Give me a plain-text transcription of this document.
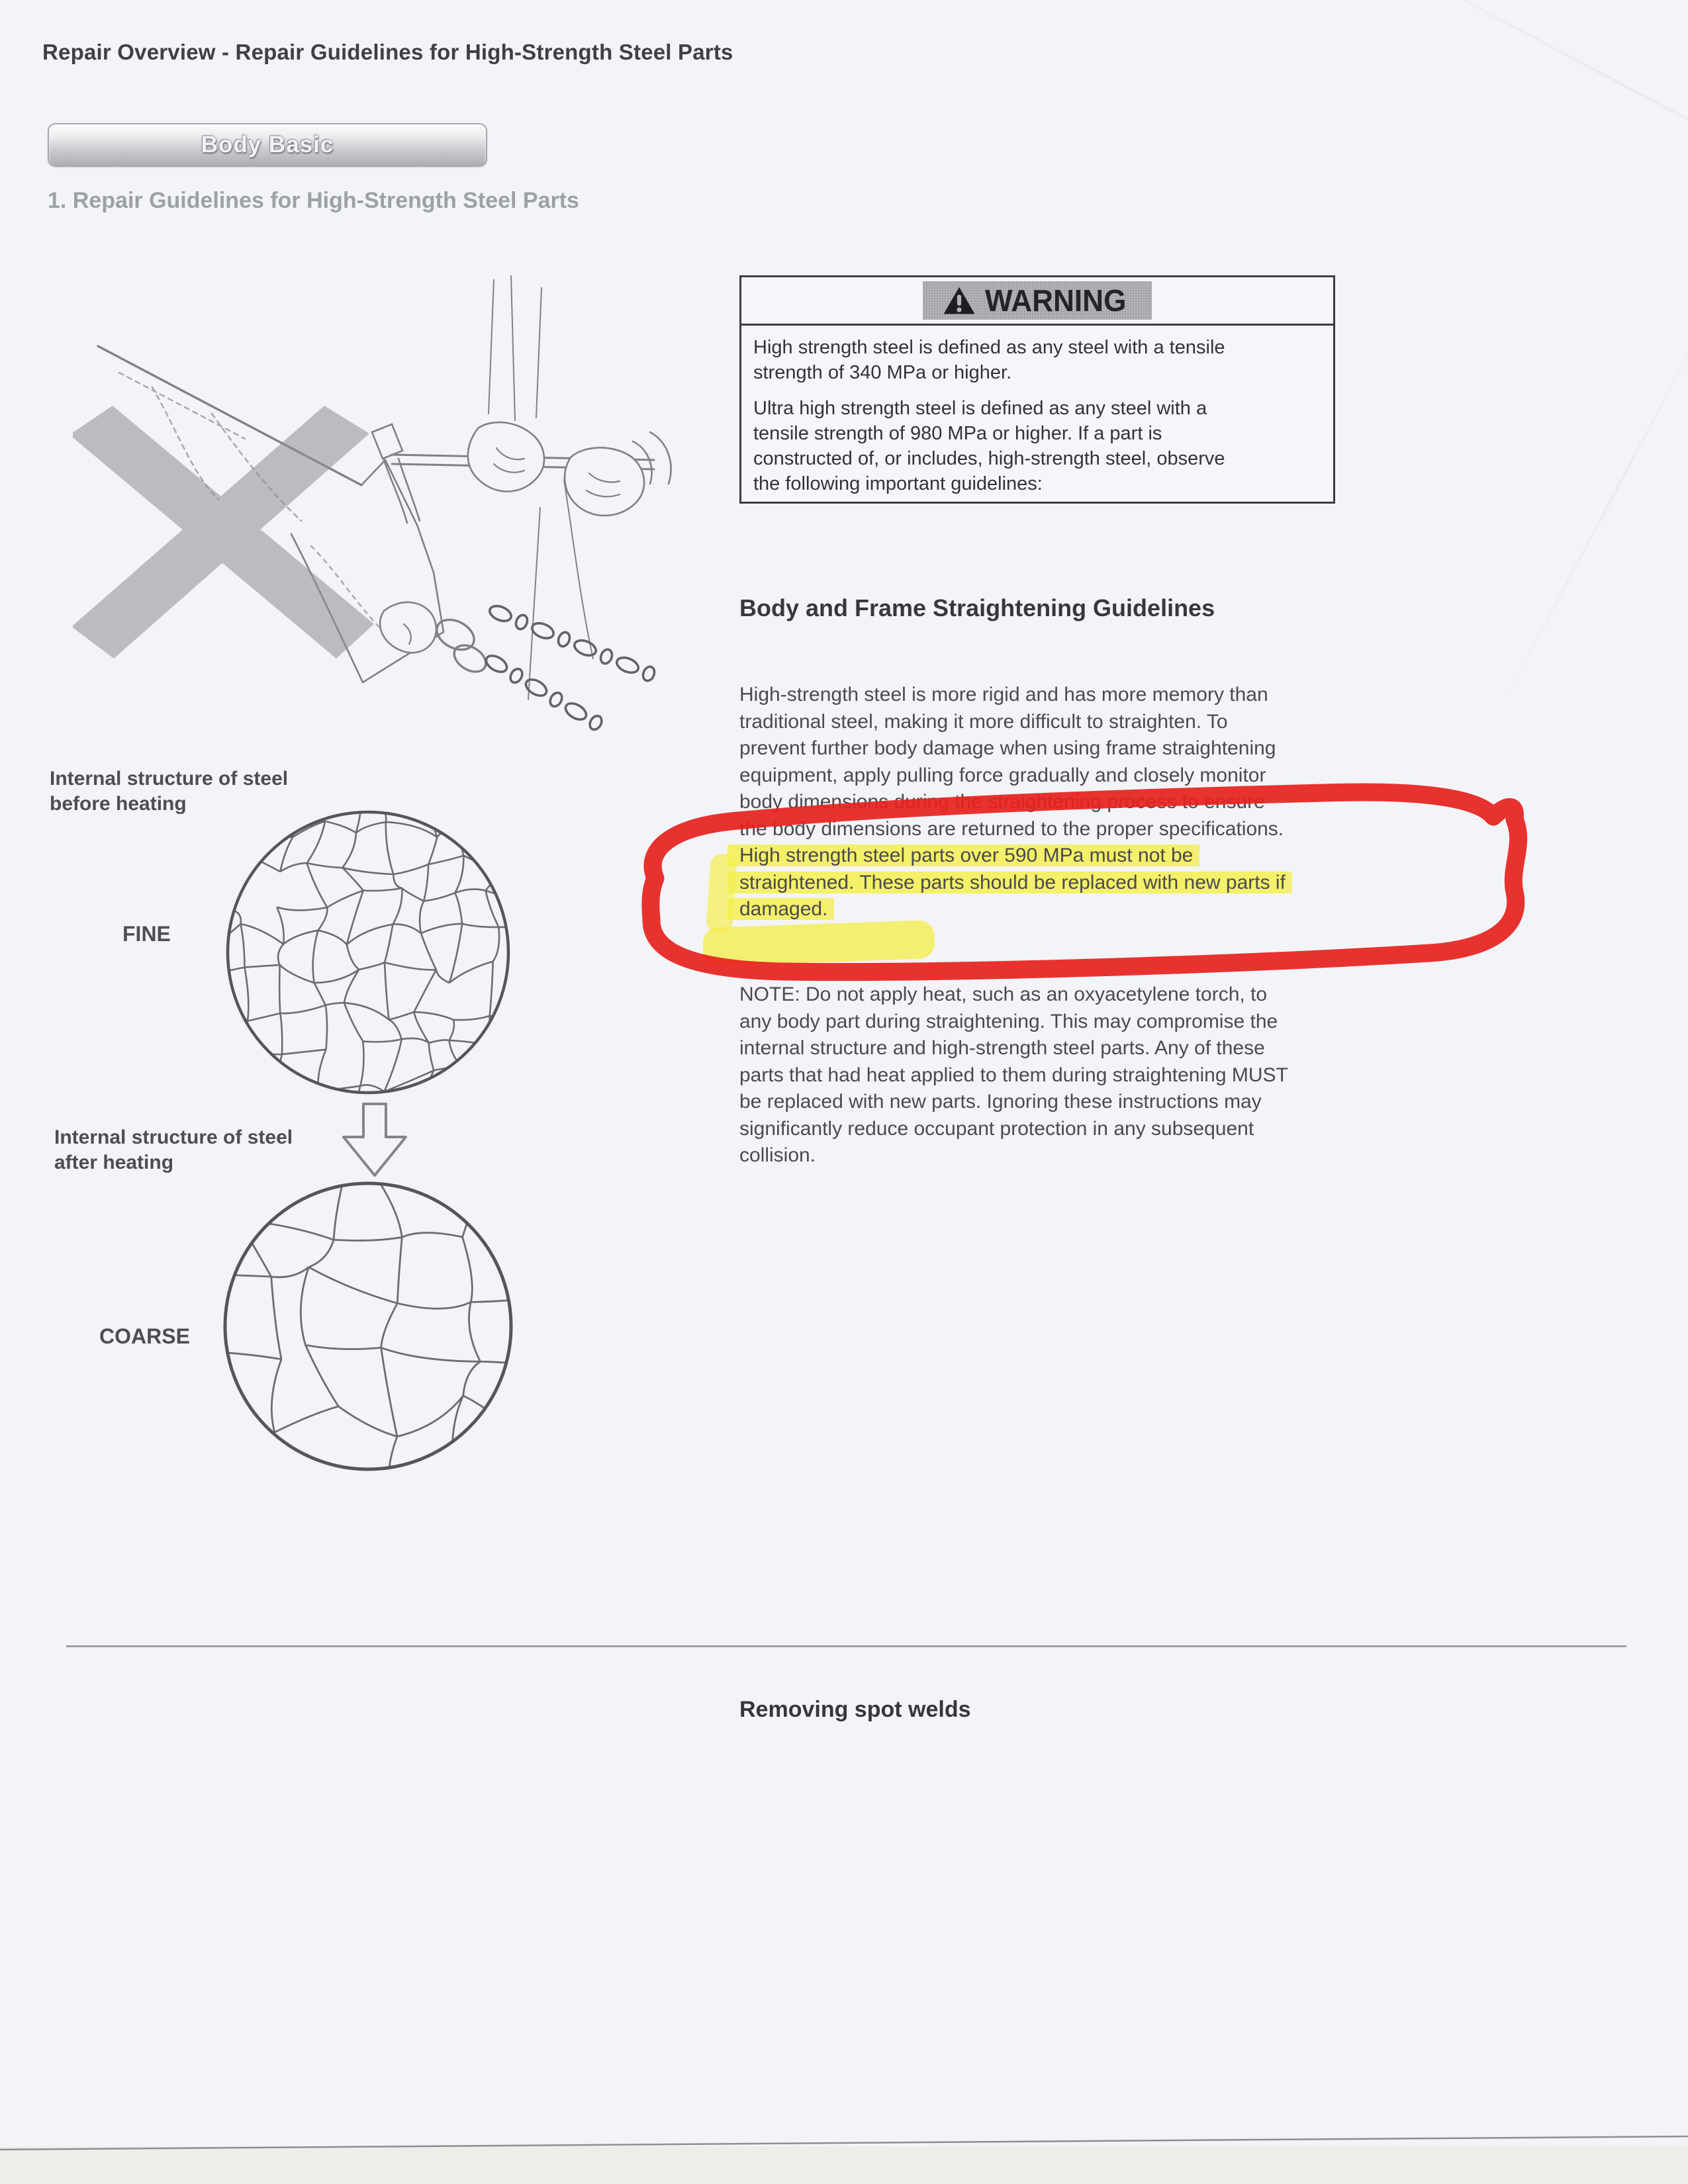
Repair Overview - Repair Guidelines for High-Strength Steel Parts
Body Basic
1. Repair Guidelines for High-Strength Steel Parts
WARNING
High strength steel is defined as any steel with a tensile
strength of 340 MPa or higher.
Ultra high strength steel is defined as any steel with a
tensile strength of 980 MPa or higher. If a part is
constructed of, or includes, high-strength steel, observe
the following important guidelines:
Body and Frame Straightening Guidelines
High-strength steel is more rigid and has more memory than
traditional steel, making it more difficult to straighten. To
prevent further body damage when using frame straightening
equipment, apply pulling force gradually and closely monitor
body dimensions during the straightening process to ensure
the body dimensions are returned to the proper specifications.
High strength steel parts over 590 MPa must not be
straightened. These parts should be replaced with new parts if
damaged.
NOTE: Do not apply heat, such as an oxyacetylene torch, to
any body part during straightening. This may compromise the
internal structure and high-strength steel parts. Any of these
parts that had heat applied to them during straightening MUST
be replaced with new parts. Ignoring these instructions may
significantly reduce occupant protection in any subsequent
collision.
Internal structure of steel
before heating
FINE
Internal structure of steel
after heating
COARSE
Removing spot welds
